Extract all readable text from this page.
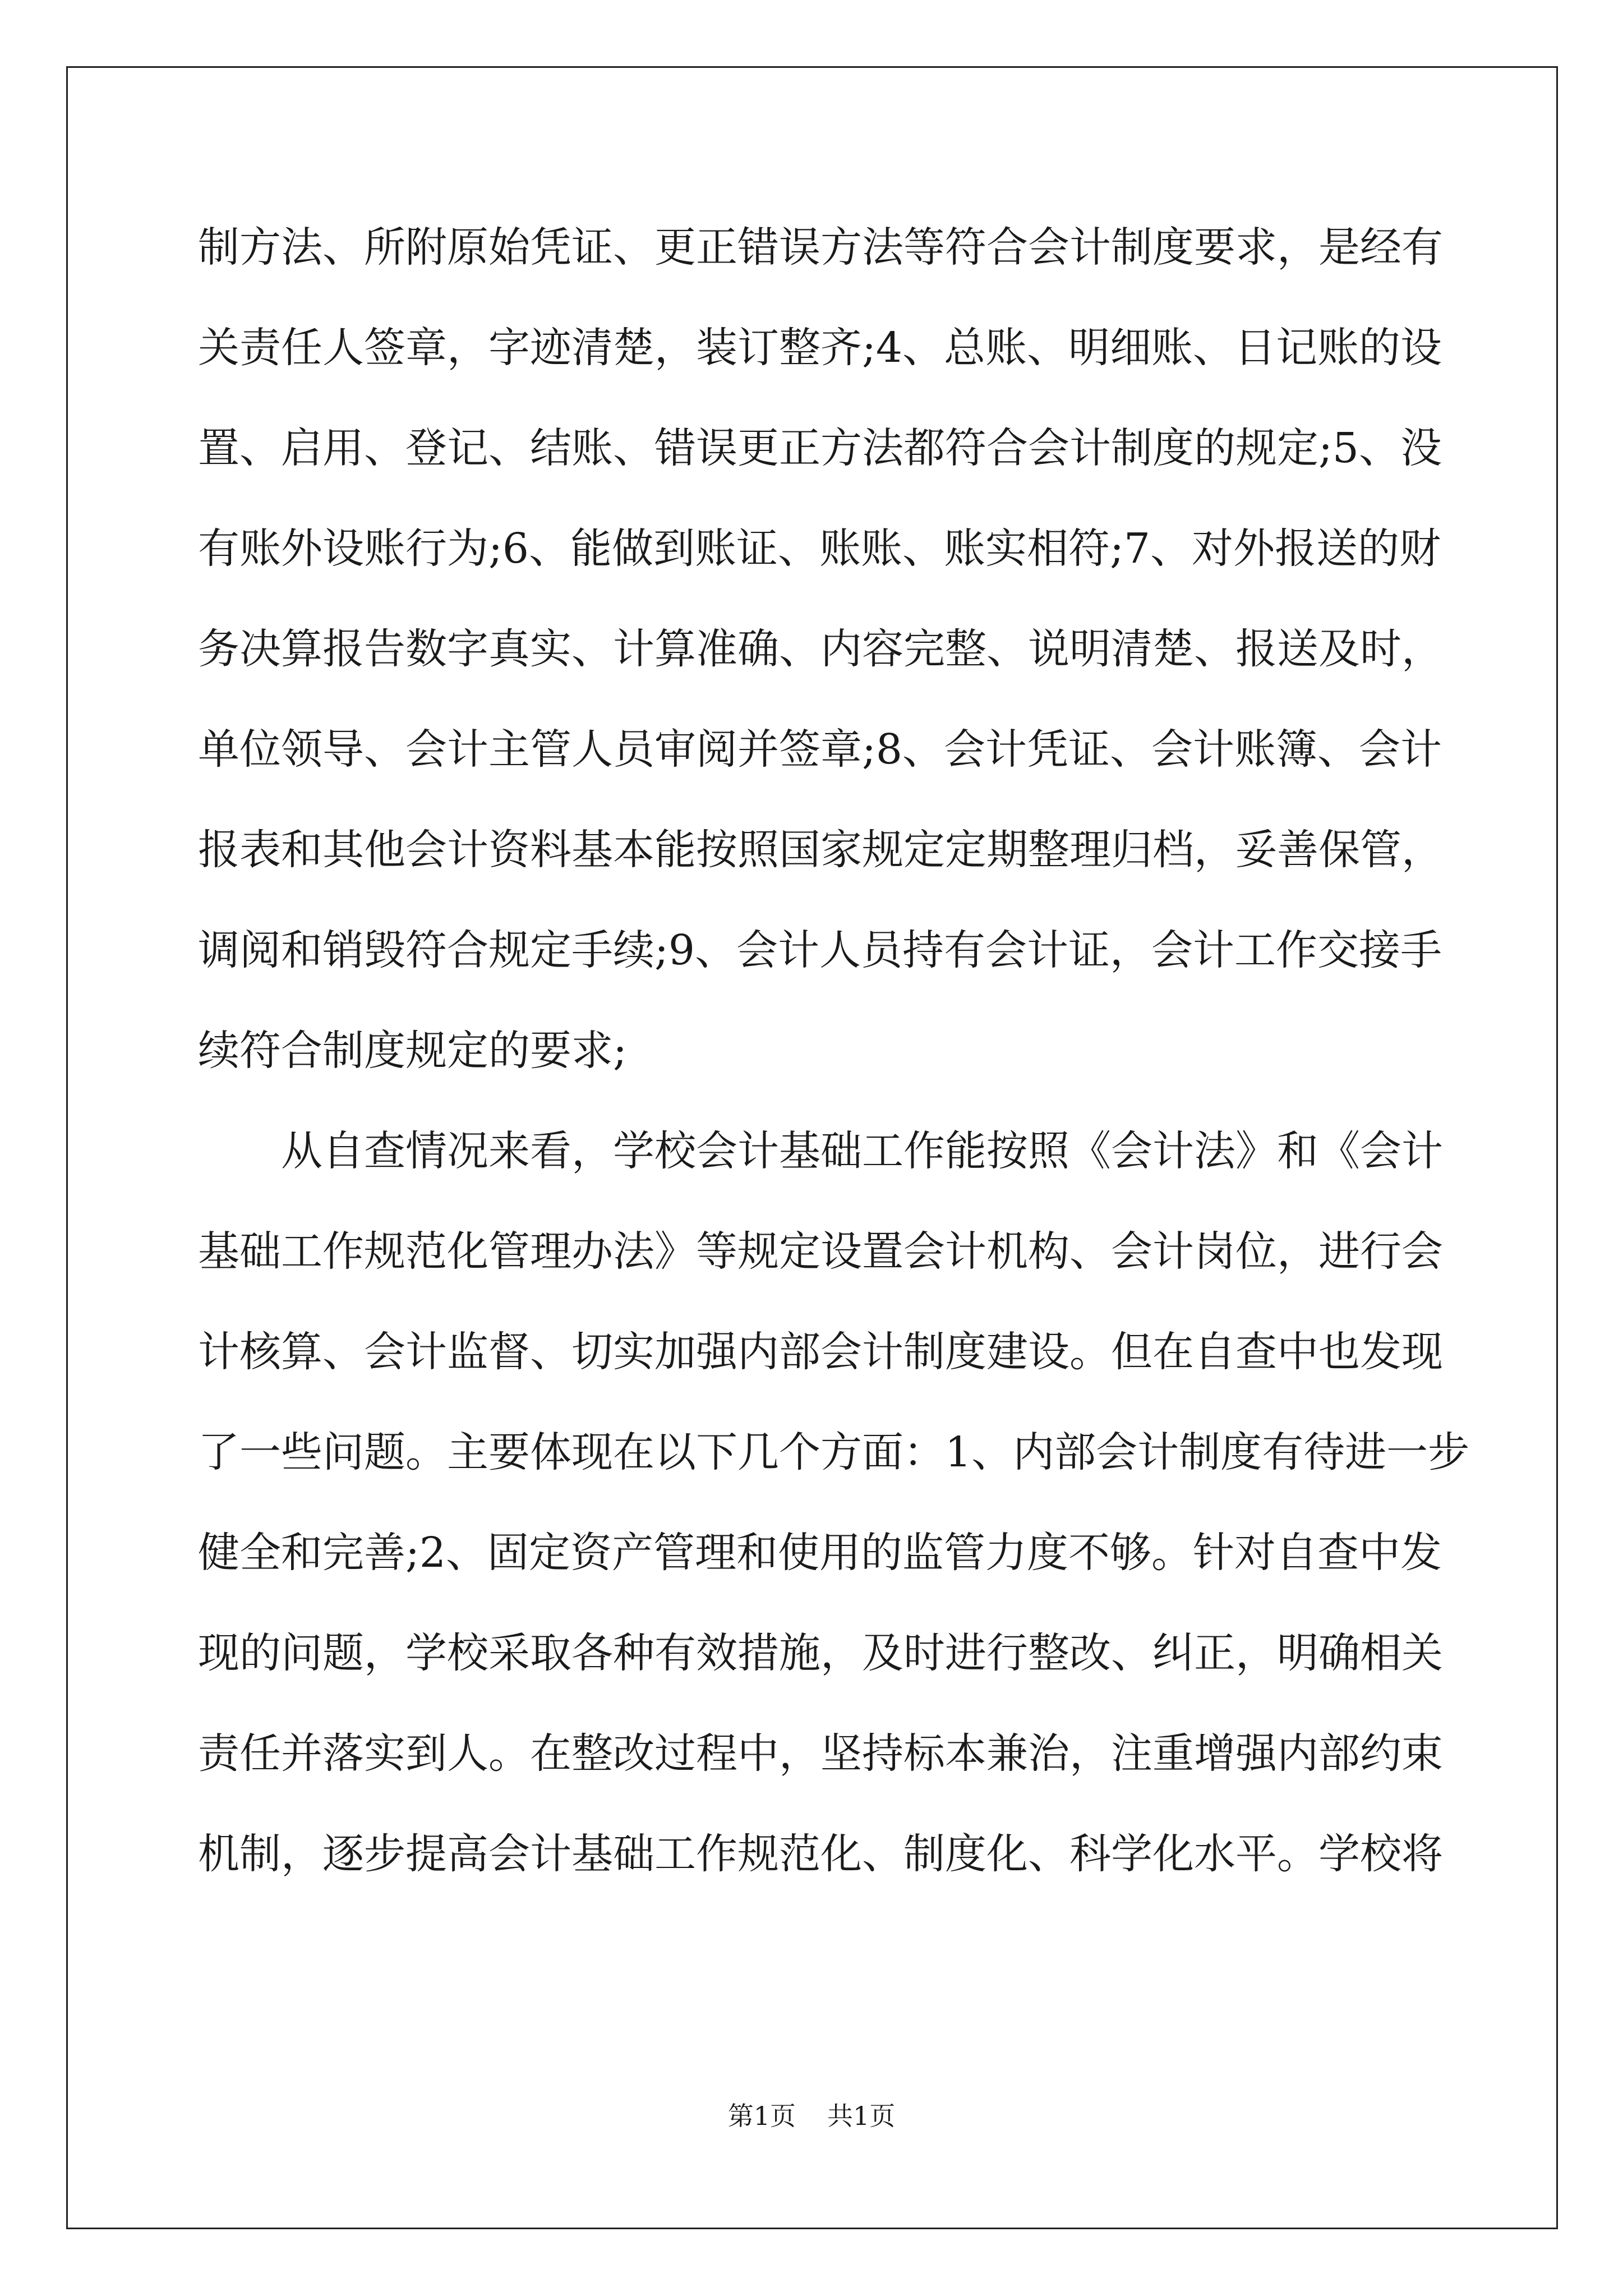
制方法、所附原始凭证、更正错误方法等符合会计制度要求，是经有
关责任人签章，字迹清楚，装订整齐;4、总账、明细账、日记账的设
置、启用、登记、结账、错误更正方法都符合会计制度的规定;5、没
有账外设账行为;6、能做到账证、账账、账实相符;7、对外报送的财
务决算报告数字真实、计算准确、内容完整、说明清楚、报送及时，
单位领导、会计主管人员审阅并签章;8、会计凭证、会计账簿、会计
报表和其他会计资料基本能按照国家规定定期整理归档，妥善保管，
调阅和销毁符合规定手续;9、会计人员持有会计证，会计工作交接手
续符合制度规定的要求;
从自查情况来看，学校会计基础工作能按照《会计法》和《会计
基础工作规范化管理办法》等规定设置会计机构、会计岗位，进行会
计核算、会计监督、切实加强内部会计制度建设。但在自查中也发现
了一些问题。主要体现在以下几个方面：1、内部会计制度有待进一步
健全和完善;2、固定资产管理和使用的监管力度不够。针对自查中发
现的问题，学校采取各种有效措施，及时进行整改、纠正，明确相关
责任并落实到人。在整改过程中，坚持标本兼治，注重增强内部约束
机制，逐步提高会计基础工作规范化、制度化、科学化水平。学校将
第1页 共1页
